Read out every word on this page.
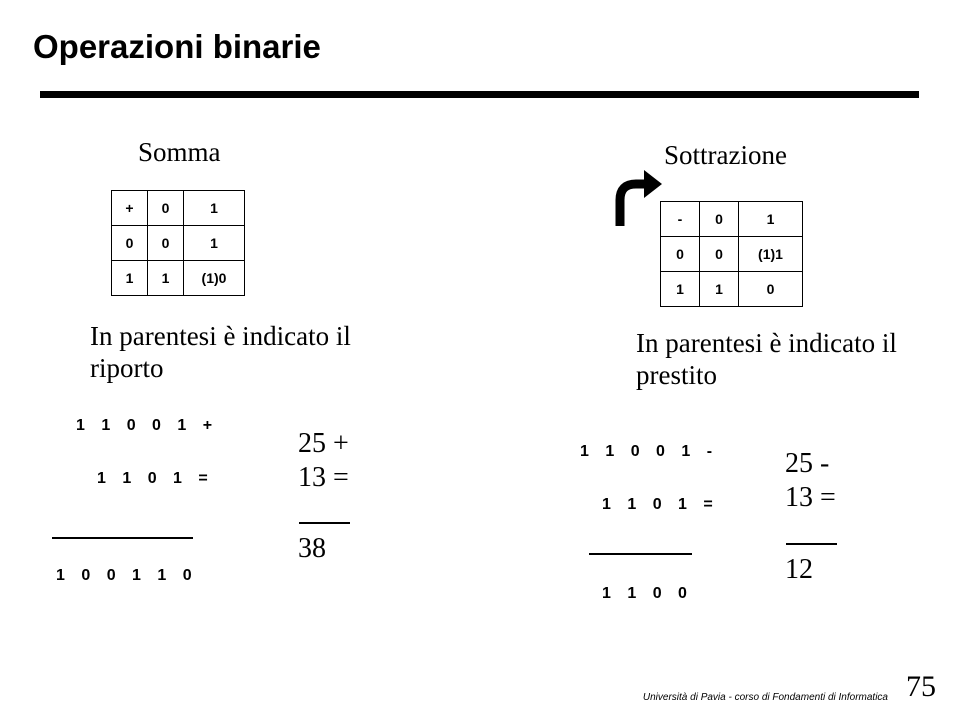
Operazioni binarie
Somma
+	0	1
0	0	1
1	1	(1)0
In parentesi è indicato il riporto
1 1 0 0 1 +
1 1 0 1 =
1 0 0 1 1 0
25 +
13 =
38
Sottrazione
-	0	1
0	0	(1)1
1	1	0
In parentesi è indicato il prestito
1 1 0 0 1 -
1 1 0 1 =
1 1 0 0
25 -
13 =
12
Università di Pavia - corso di Fondamenti di Informatica 75
